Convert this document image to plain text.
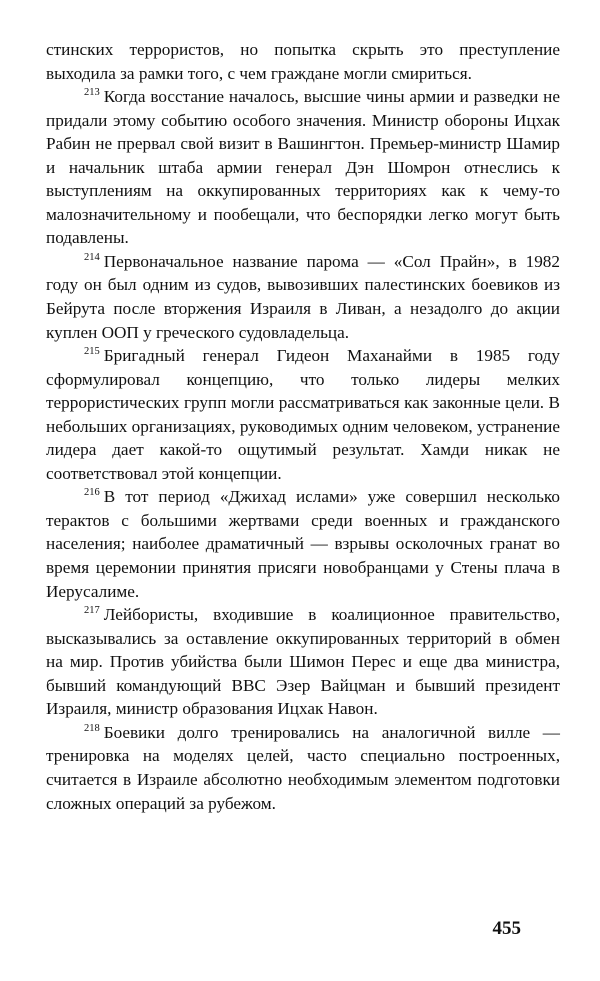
стинских террористов, но попытка скрыть это преступление выходила за рамки того, с чем граждане могли смириться.

$^{213}$ Когда восстание началось, высшие чины армии и разведки не придали этому событию особого значения. Министр обороны Ицхак Рабин не прервал свой визит в Вашингтон. Премьер-министр Шамир и начальник штаба армии генерал Дэн Шомрон отнеслись к выступлениям на оккупированных территориях как к чему-то малозначительному и пообещали, что беспорядки легко могут быть подавлены.

$^{214}$ Первоначальное название парома — «Сол Прайн», в 1982 году он был одним из судов, вывозивших палестинских боевиков из Бейрута после вторжения Израиля в Ливан, а незадолго до акции куплен ООП у греческого судовладельца.

$^{215}$ Бригадный генерал Гидеон Маханайми в 1985 году сформулировал концепцию, что только лидеры мелких террористических групп могли рассматриваться как законные цели. В небольших организациях, руководимых одним человеком, устранение лидера дает какой-то ощутимый результат. Хамди никак не соответствовал этой концепции.

$^{216}$ В тот период «Джихад ислами» уже совершил несколько терактов с большими жертвами среди военных и гражданского населения; наиболее драматичный — взрывы осколочных гранат во время церемонии принятия присяги новобранцами у Стены плача в Иерусалиме.

$^{217}$ Лейбористы, входившие в коалиционное правительство, высказывались за оставление оккупированных территорий в обмен на мир. Против убийства были Шимон Перес и еще два министра, бывший командующий ВВС Эзер Вайцман и бывший президент Израиля, министр образования Ицхак Навон.

$^{218}$ Боевики долго тренировались на аналогичной вилле — тренировка на моделях целей, часто специально построенных, считается в Израиле абсолютно необходимым элементом подготовки сложных операций за рубежом.

455
